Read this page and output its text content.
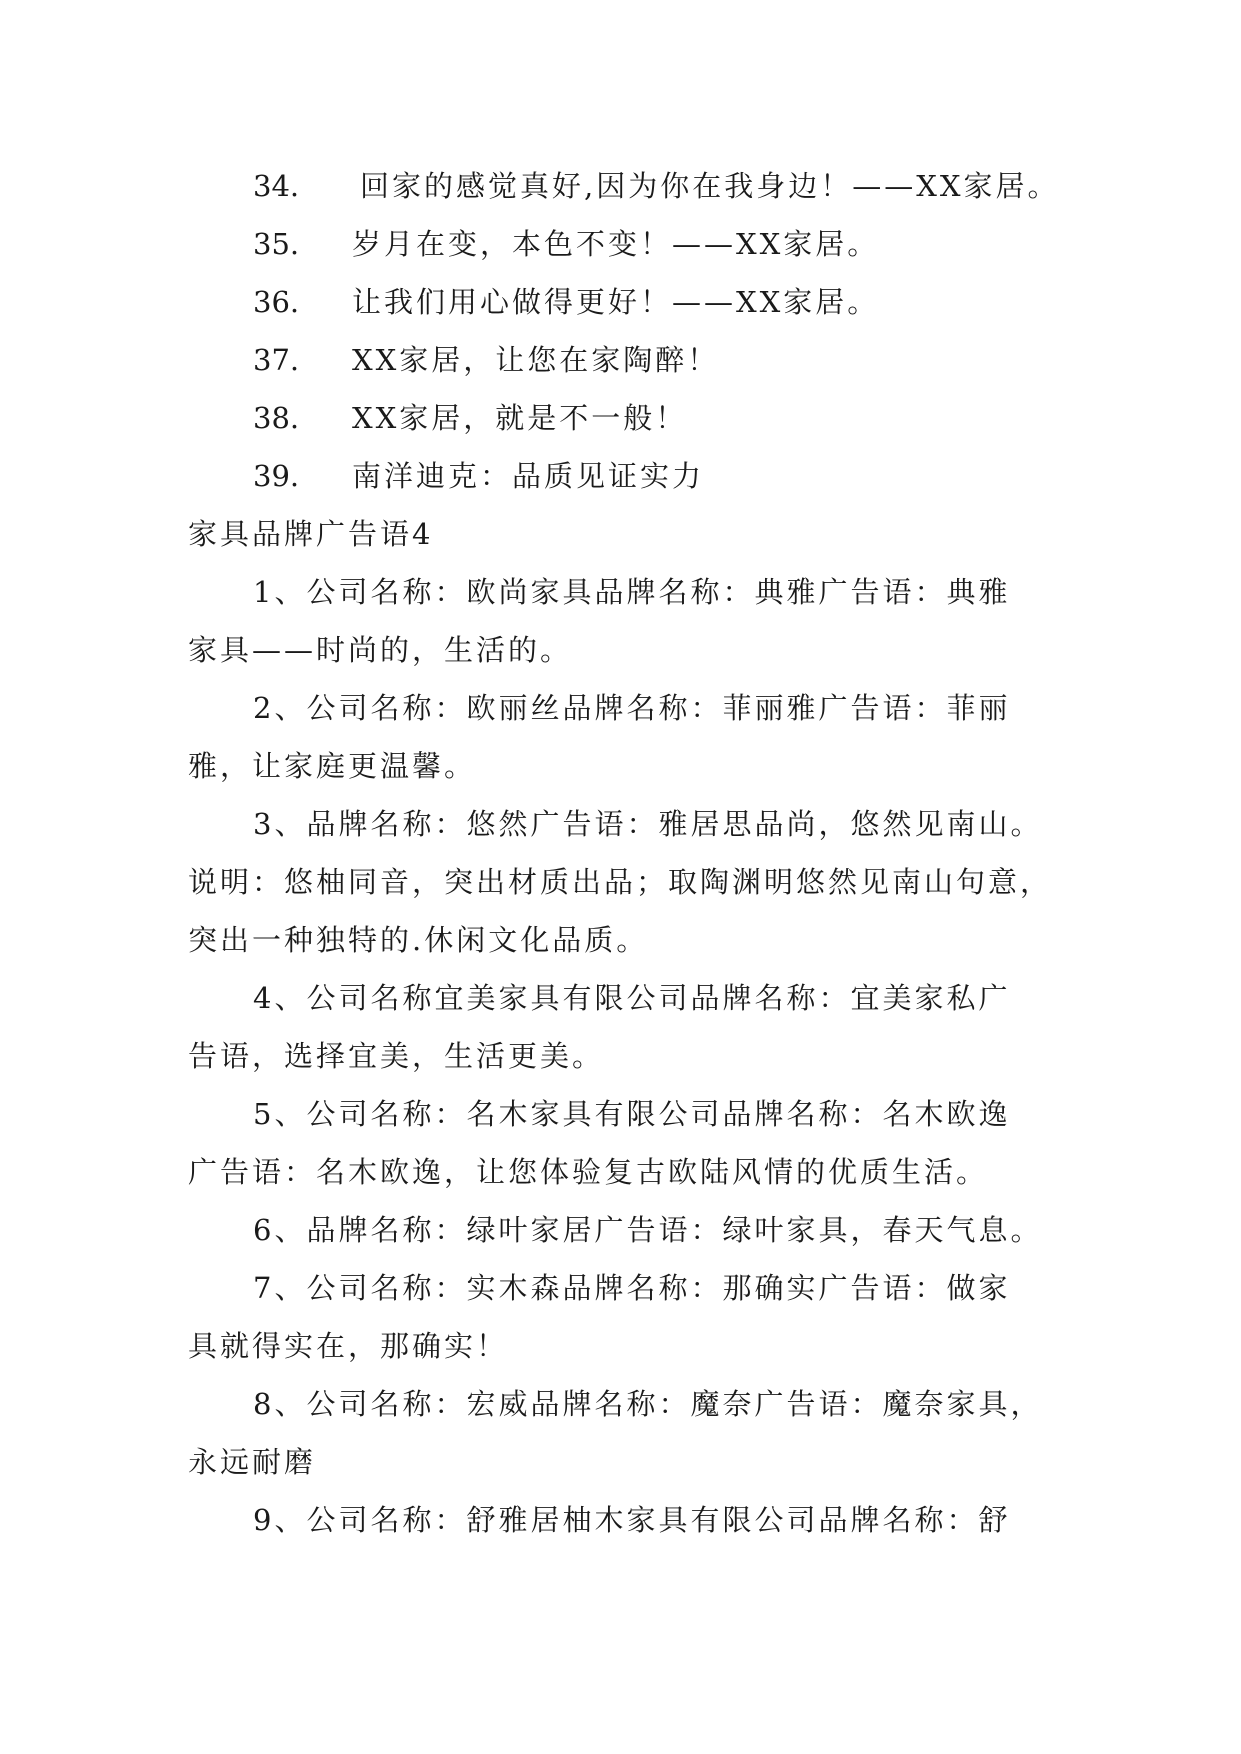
34. 回家的感觉真好,因为你在我身边！——XX家居。
35. 岁月在变，本色不变！——XX家居。
36. 让我们用心做得更好！——XX家居。
37. XX家居，让您在家陶醉！
38. XX家居，就是不一般！
39. 南洋迪克：品质见证实力
家具品牌广告语4
1、公司名称：欧尚家具品牌名称：典雅广告语：典雅
家具——时尚的，生活的。
2、公司名称：欧丽丝品牌名称：菲丽雅广告语：菲丽
雅，让家庭更温馨。
3、品牌名称：悠然广告语：雅居思品尚，悠然见南山。
说明：悠柚同音，突出材质出品；取陶渊明悠然见南山句意，
突出一种独特的.休闲文化品质。
4、公司名称宜美家具有限公司品牌名称：宜美家私广
告语，选择宜美，生活更美。
5、公司名称：名木家具有限公司品牌名称：名木欧逸
广告语：名木欧逸，让您体验复古欧陆风情的优质生活。
6、品牌名称：绿叶家居广告语：绿叶家具，春天气息。
7、公司名称：实木森品牌名称：那确实广告语：做家
具就得实在，那确实！
8、公司名称：宏威品牌名称：魔奈广告语：魔奈家具，
永远耐磨
9、公司名称：舒雅居柚木家具有限公司品牌名称：舒
